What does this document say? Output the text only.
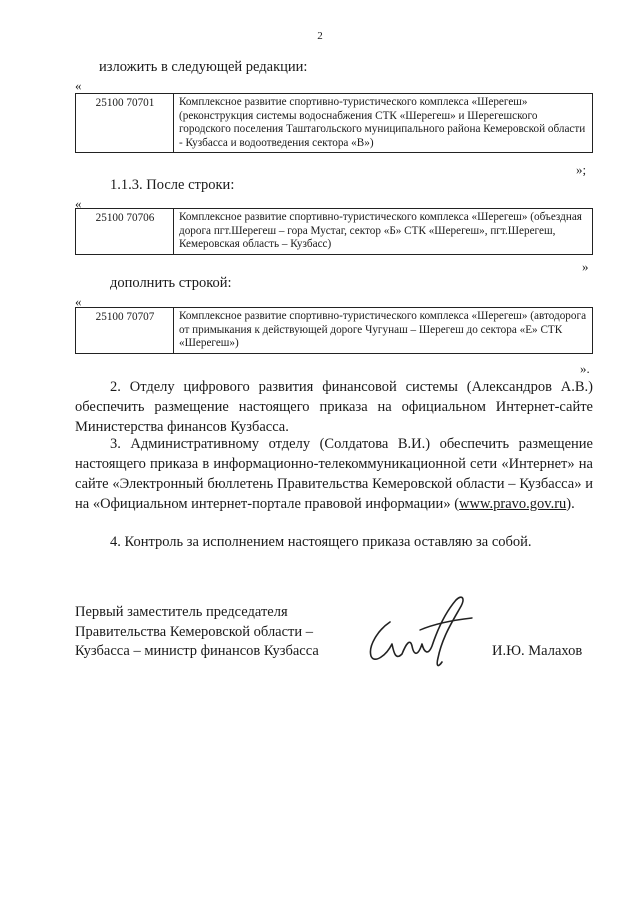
2
изложить в следующей редакции:
«
25100 70701	Комплексное развитие спортивно-туристического комплекса «Шерегеш» (реконструкция системы водоснабжения СТК «Шерегеш» и Шерегешского городского поселения Таштагольского муниципального района Кемеровской области - Кузбасса и водоотведения сектора «В»)
»;
1.1.3. После строки:
«
25100 70706	Комплексное развитие спортивно-туристического комплекса «Шерегеш» (объездная дорога пгт.Шерегеш – гора Мустаг, сектор «Б» СТК «Шерегеш», пгт.Шерегеш, Кемеровская область – Кузбасс)
»
дополнить строкой:
«
25100 70707	Комплексное развитие спортивно-туристического комплекса «Шерегеш» (автодорога от примыкания к действующей дороге Чугунаш – Шерегеш до сектора «Е» СТК «Шерегеш»)
».
2. Отделу цифрового развития финансовой системы (Александров А.В.) обеспечить размещение настоящего приказа на официальном Интернет-сайте Министерства финансов Кузбасса.
3. Административному отделу (Солдатова В.И.) обеспечить размещение настоящего приказа в информационно-телекоммуникационной сети «Интернет» на сайте «Электронный бюллетень Правительства Кемеровской области – Кузбасса» и на «Официальном интернет-портале правовой информации» (www.pravo.gov.ru).
4. Контроль за исполнением настоящего приказа оставляю за собой.
Первый заместитель председателя
Правительства Кемеровской области –
Кузбасса – министр финансов Кузбасса	И.Ю. Малахов
